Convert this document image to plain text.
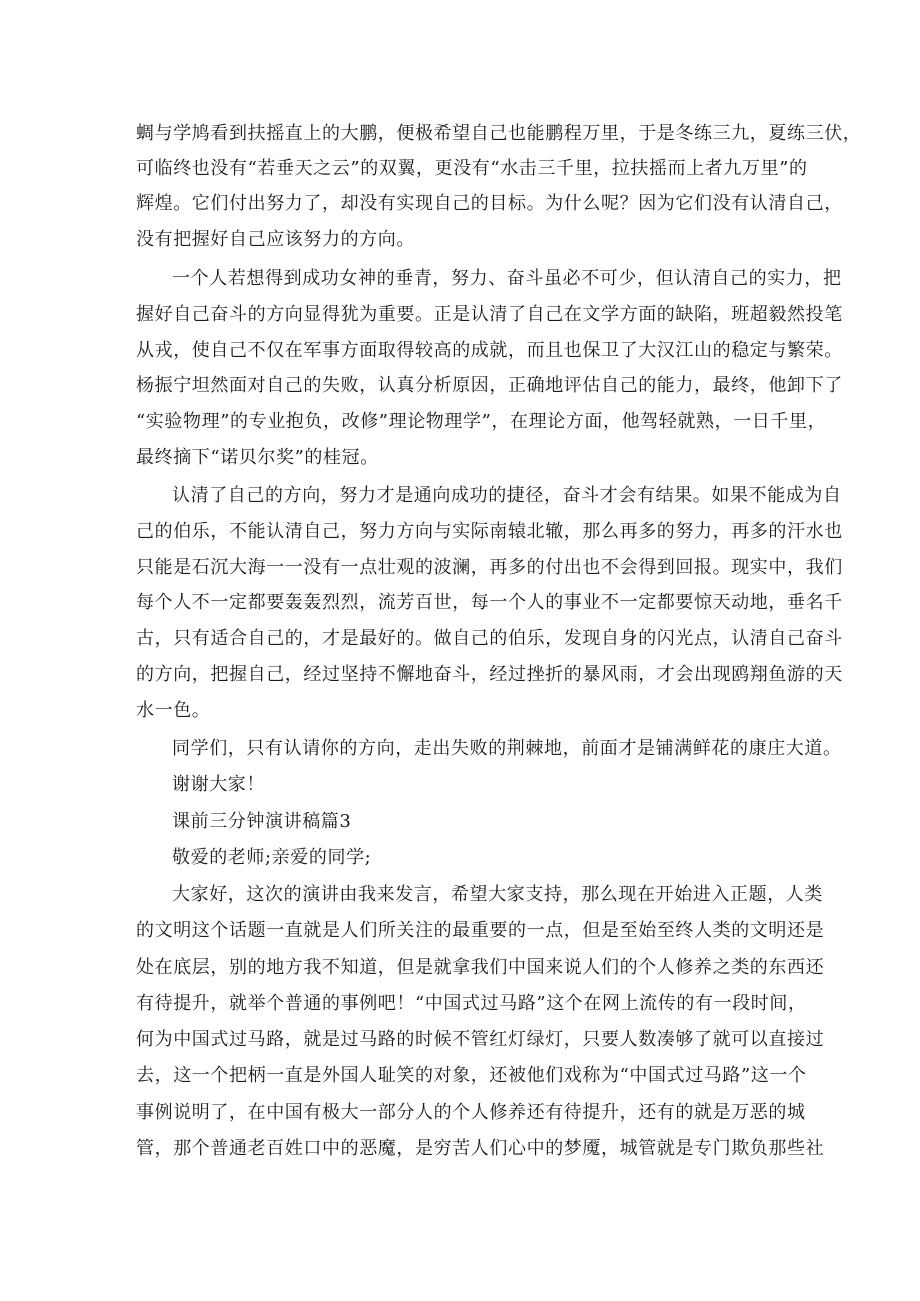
蜩与学鸠看到扶摇直上的大鹏，便极希望自己也能鹏程万里，于是冬练三九，夏练三伏，
可临终也没有“若垂天之云”的双翼，更没有“水击三千里，拉扶摇而上者九万里”的
辉煌。它们付出努力了，却没有实现自己的目标。为什么呢？因为它们没有认清自己，
没有把握好自己应该努力的方向。
一个人若想得到成功女神的垂青，努力、奋斗虽必不可少，但认清自己的实力，把
握好自己奋斗的方向显得犹为重要。正是认清了自己在文学方面的缺陷，班超毅然投笔
从戎，使自己不仅在军事方面取得较高的成就，而且也保卫了大汉江山的稳定与繁荣。
杨振宁坦然面对自己的失败，认真分析原因，正确地评估自己的能力，最终，他卸下了
“实验物理”的专业抱负，改修”理论物理学”，在理论方面，他驾轻就熟，一日千里，
最终摘下“诺贝尔奖”的桂冠。
认清了自己的方向，努力才是通向成功的捷径，奋斗才会有结果。如果不能成为自
己的伯乐，不能认清自己，努力方向与实际南辕北辙，那么再多的努力，再多的汗水也
只能是石沉大海一一没有一点壮观的波澜，再多的付出也不会得到回报。现实中，我们
每个人不一定都要轰轰烈烈，流芳百世，每一个人的事业不一定都要惊天动地，垂名千
古，只有适合自己的，才是最好的。做自己的伯乐，发现自身的闪光点，认清自己奋斗
的方向，把握自己，经过坚持不懈地奋斗，经过挫折的暴风雨，才会出现鸥翔鱼游的天
水一色。
同学们，只有认请你的方向，走出失败的荆棘地，前面才是铺满鲜花的康庄大道。
谢谢大家！
课前三分钟演讲稿篇3
敬爱的老师;亲爱的同学;
大家好，这次的演讲由我来发言，希望大家支持，那么现在开始进入正题，人类
的文明这个话题一直就是人们所关注的最重要的一点，但是至始至终人类的文明还是
处在底层，别的地方我不知道，但是就拿我们中国来说人们的个人修养之类的东西还
有待提升，就举个普通的事例吧！“中国式过马路”这个在网上流传的有一段时间，
何为中国式过马路，就是过马路的时候不管红灯绿灯，只要人数凑够了就可以直接过
去，这一个把柄一直是外国人耻笑的对象，还被他们戏称为“中国式过马路”这一个
事例说明了，在中国有极大一部分人的个人修养还有待提升，还有的就是万恶的城
管，那个普通老百姓口中的恶魔，是穷苦人们心中的梦魇，城管就是专门欺负那些社
